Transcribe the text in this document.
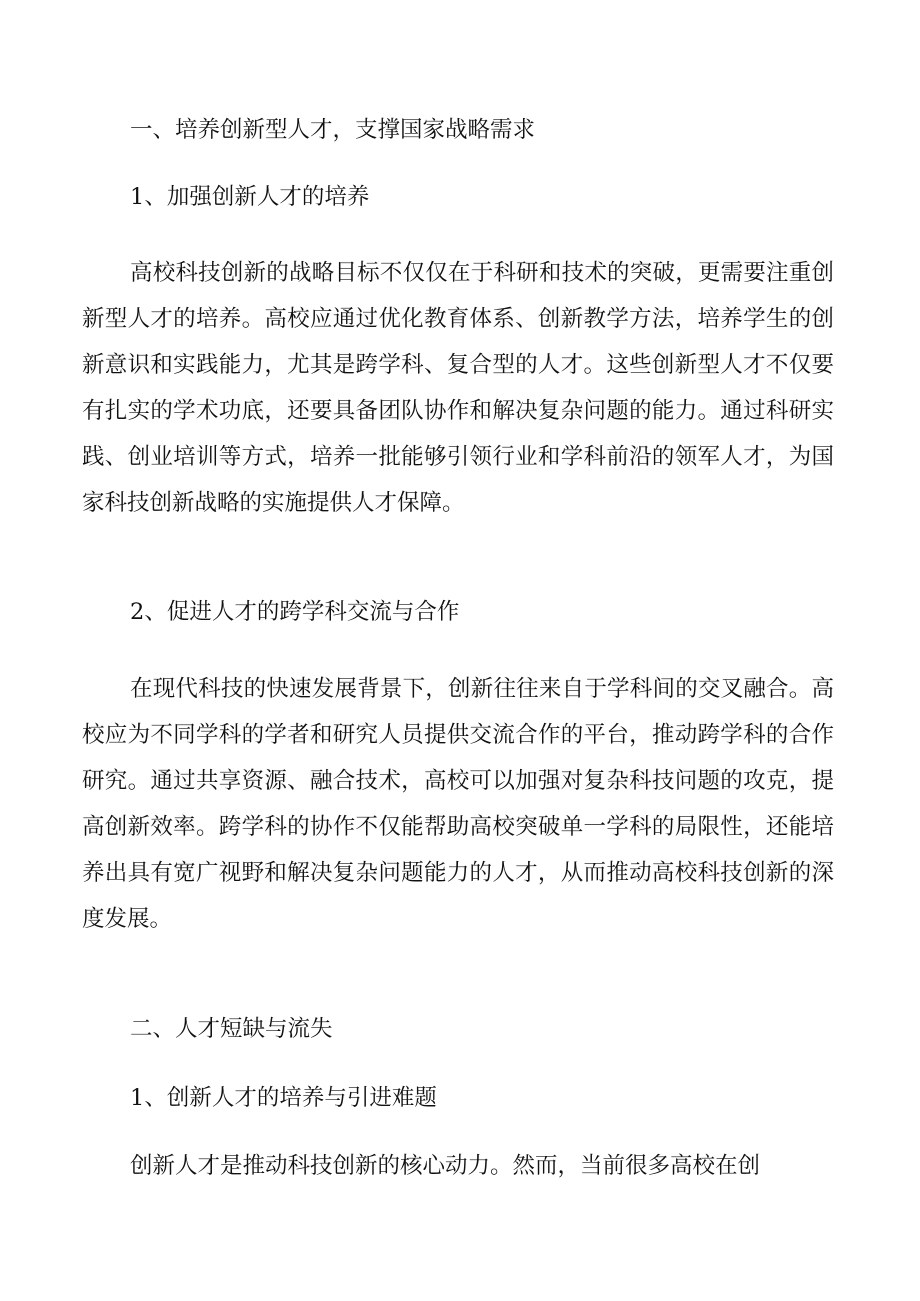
一、培养创新型人才，支撑国家战略需求
1、加强创新人才的培养

高校科技创新的战略目标不仅仅在于科研和技术的突破，更需要注重创新型人才的培养。高校应通过优化教育体系、创新教学方法，培养学生的创新意识和实践能力，尤其是跨学科、复合型的人才。这些创新型人才不仅要有扎实的学术功底，还要具备团队协作和解决复杂问题的能力。通过科研实践、创业培训等方式，培养一批能够引领行业和学科前沿的领军人才，为国家科技创新战略的实施提供人才保障。

2、促进人才的跨学科交流与合作

在现代科技的快速发展背景下，创新往往来自于学科间的交叉融合。高校应为不同学科的学者和研究人员提供交流合作的平台，推动跨学科的合作研究。通过共享资源、融合技术，高校可以加强对复杂科技问题的攻克，提高创新效率。跨学科的协作不仅能帮助高校突破单一学科的局限性，还能培养出具有宽广视野和解决复杂问题能力的人才，从而推动高校科技创新的深度发展。

二、人才短缺与流失
1、创新人才的培养与引进难题

创新人才是推动科技创新的核心动力。然而，当前很多高校在创
